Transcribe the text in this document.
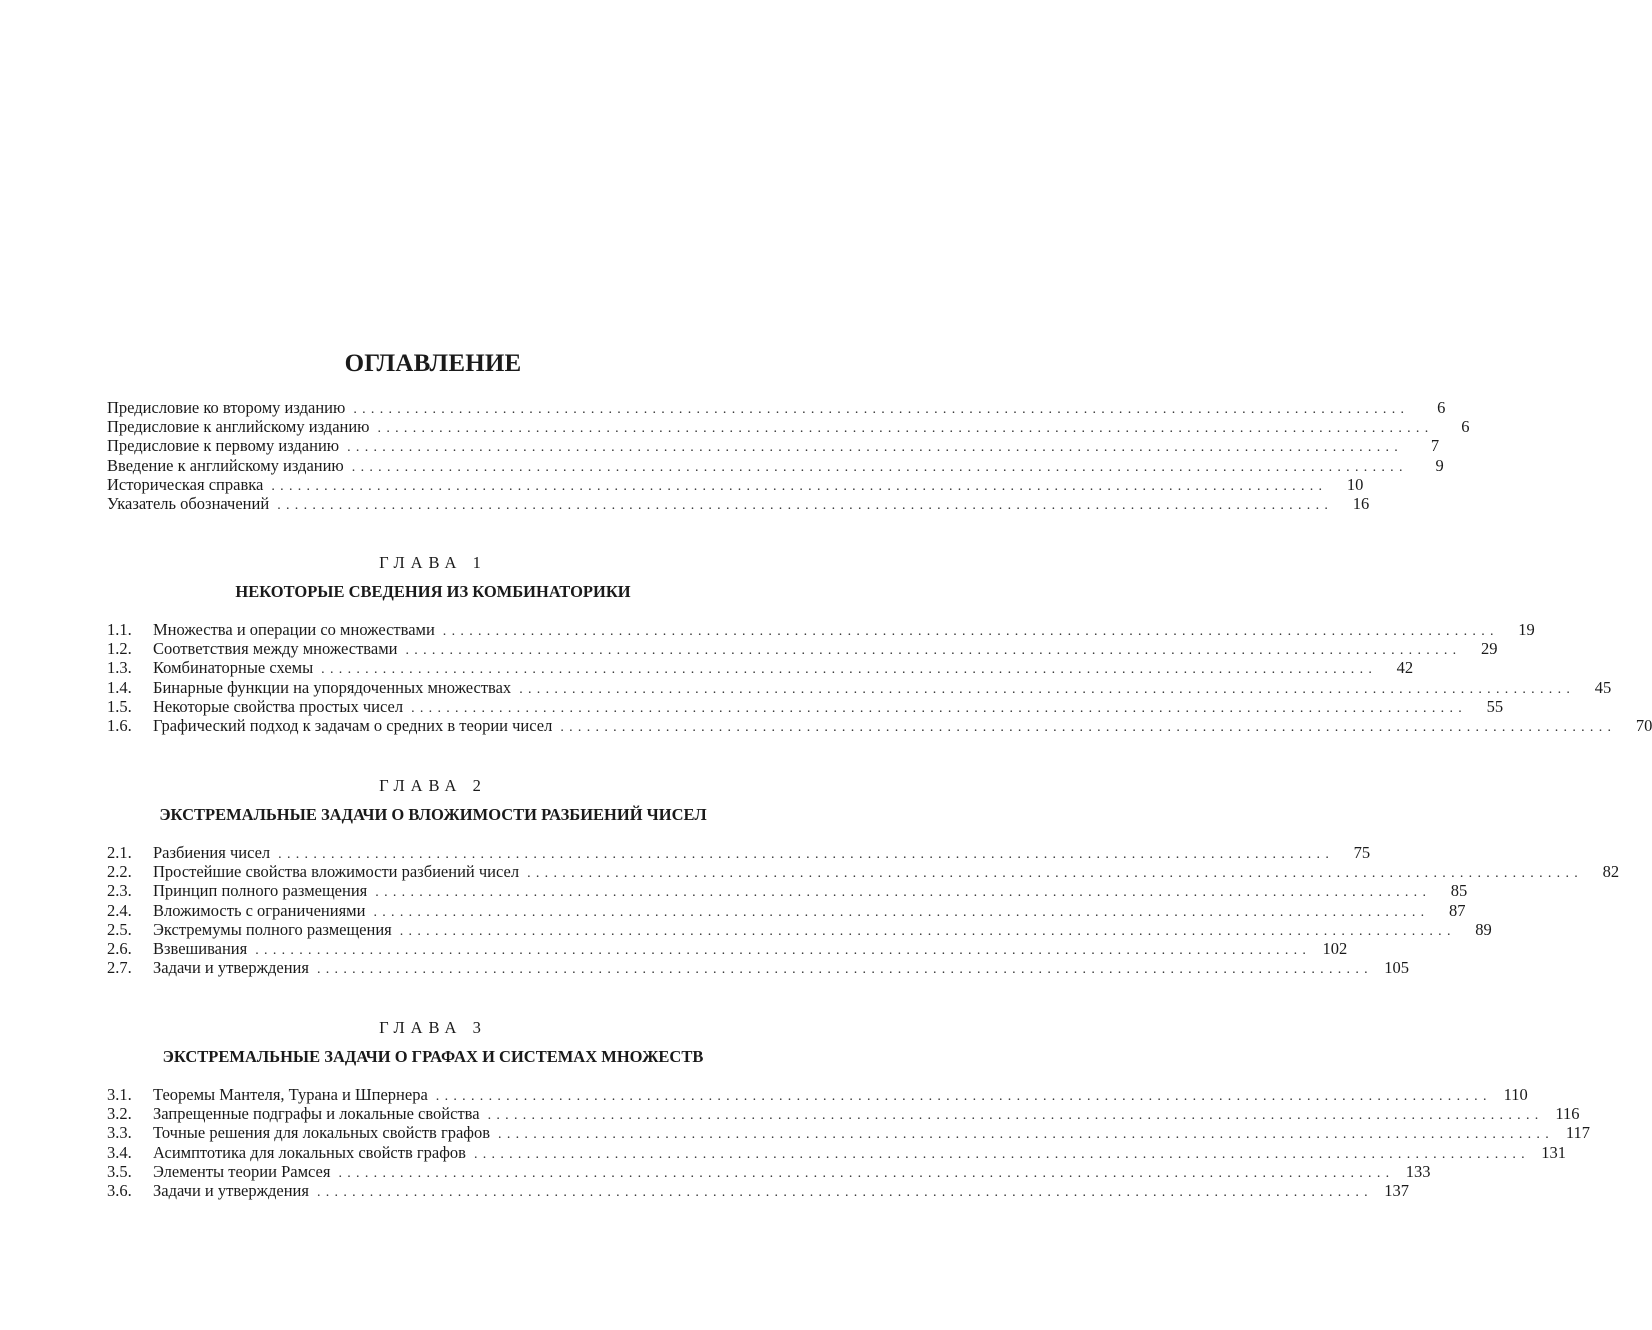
ОГЛАВЛЕНИЕ
Предисловие ко второму изданию ........................................................................................................................	6
Предисловие к английскому изданию ........................................................................................................................	6
Предисловие к первому изданию ........................................................................................................................	7
Введение к английскому изданию ........................................................................................................................	9
Историческая справка ........................................................................................................................	10
Указатель обозначений ........................................................................................................................	16
ГЛАВА 1
НЕКОТОРЫЕ СВЕДЕНИЯ ИЗ КОМБИНАТОРИКИ
1.1.	Множества и операции со множествами ........................................................................................................................	19
1.2.	Соответствия между множествами ........................................................................................................................	29
1.3.	Комбинаторные схемы ........................................................................................................................	42
1.4.	Бинарные функции на упорядоченных множествах ........................................................................................................................	45
1.5.	Некоторые свойства простых чисел ........................................................................................................................	55
1.6.	Графический подход к задачам о средних в теории чисел ........................................................................................................................	70
ГЛАВА 2
ЭКСТРЕМАЛЬНЫЕ ЗАДАЧИ О ВЛОЖИМОСТИ РАЗБИЕНИЙ ЧИСЕЛ
2.1.	Разбиения чисел ........................................................................................................................	75
2.2.	Простейшие свойства вложимости разбиений чисел ........................................................................................................................	82
2.3.	Принцип полного размещения ........................................................................................................................	85
2.4.	Вложимость с ограничениями ........................................................................................................................	87
2.5.	Экстремумы полного размещения ........................................................................................................................	89
2.6.	Взвешивания ........................................................................................................................ 102
2.7.	Задачи и утверждения ........................................................................................................................ 105
ГЛАВА 3
ЭКСТРЕМАЛЬНЫЕ ЗАДАЧИ О ГРАФАХ И СИСТЕМАХ МНОЖЕСТВ
3.1.	Теоремы Мантеля, Турана и Шпернера ........................................................................................................................ 110
3.2.	Запрещенные подграфы и локальные свойства ........................................................................................................................ 116
3.3.	Точные решения для локальных свойств графов ........................................................................................................................ 117
3.4.	Асимптотика для локальных свойств графов ........................................................................................................................ 131
3.5.	Элементы теории Рамсея ........................................................................................................................ 133
3.6.	Задачи и утверждения ........................................................................................................................ 137
